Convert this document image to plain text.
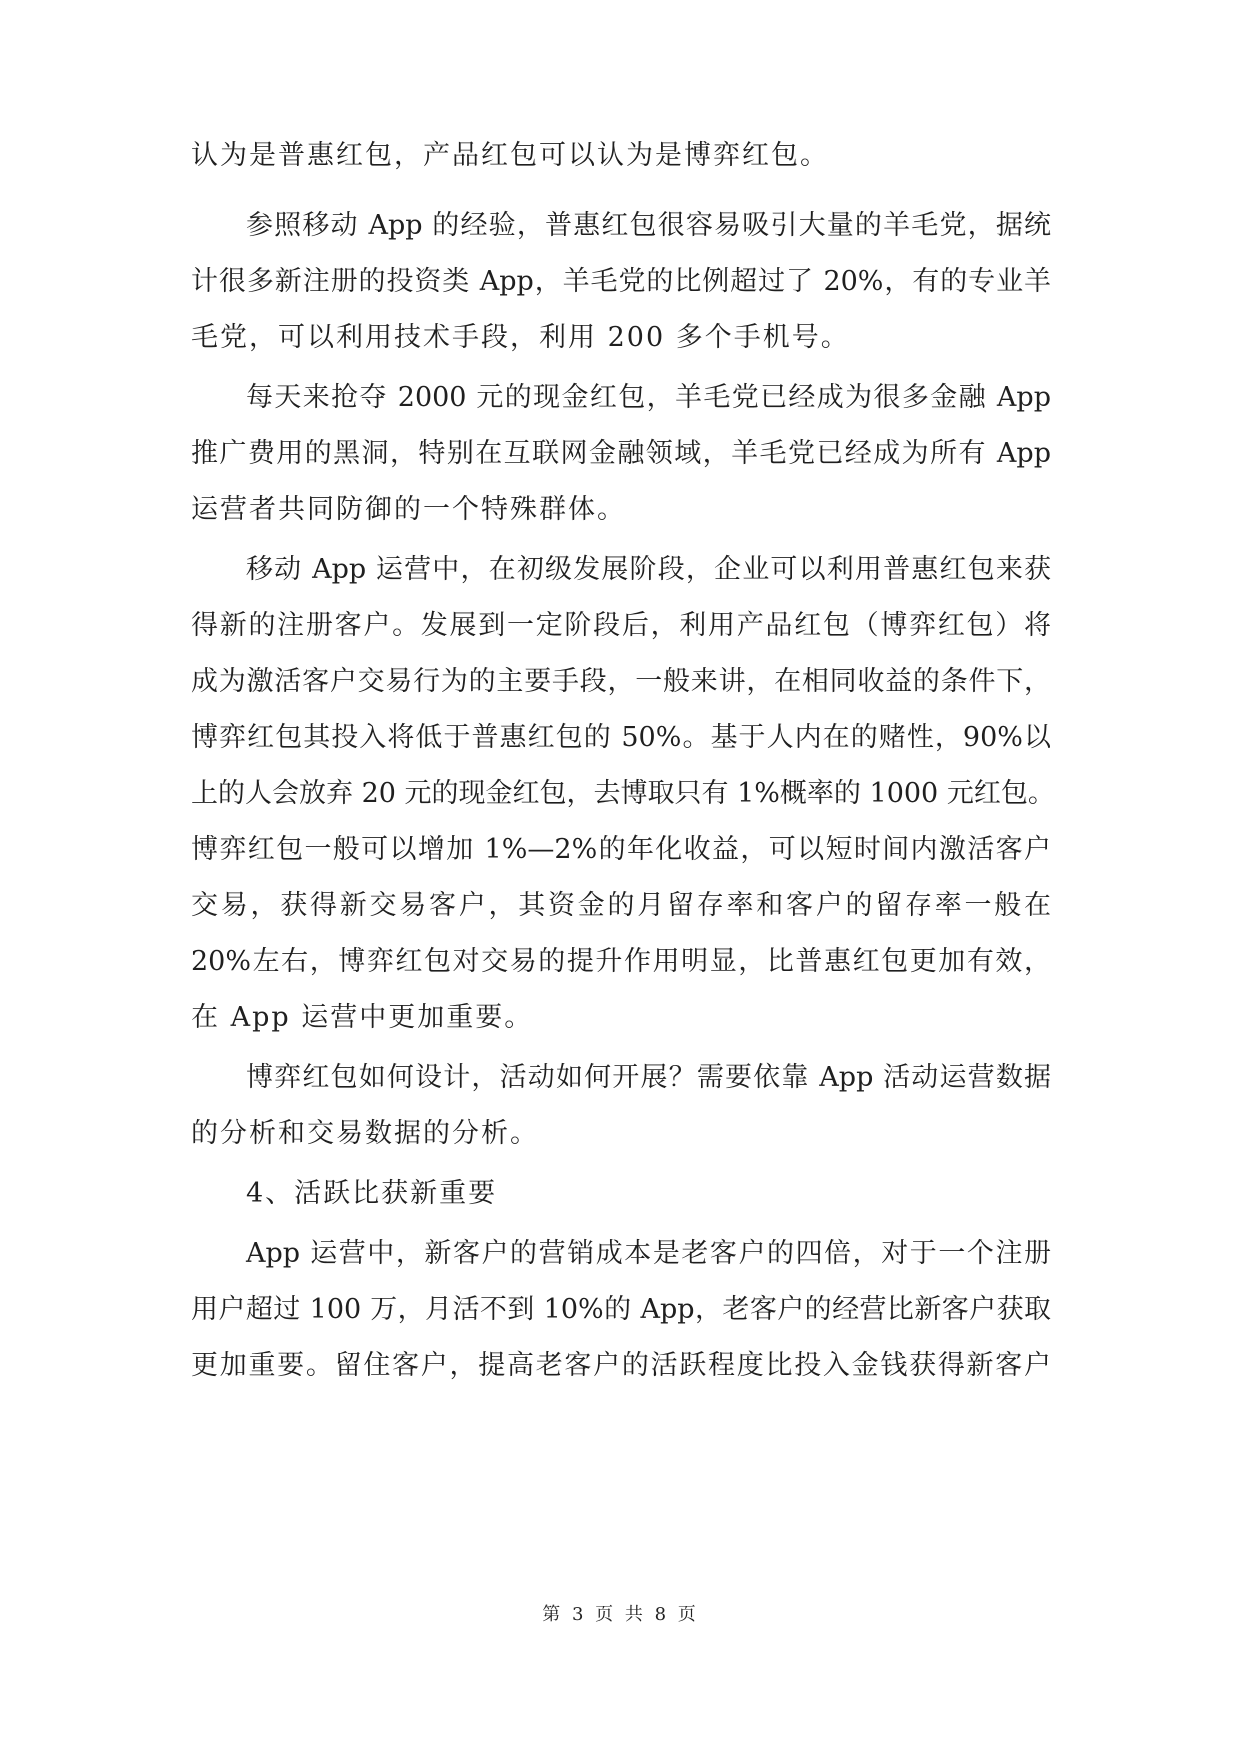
认为是普惠红包，产品红包可以认为是博弈红包。
参照移动 App 的经验，普惠红包很容易吸引大量的羊毛党，据统
计很多新注册的投资类 App，羊毛党的比例超过了 20%，有的专业羊
毛党，可以利用技术手段，利用 200 多个手机号。
每天来抢夺 2000 元的现金红包，羊毛党已经成为很多金融 App
推广费用的黑洞，特别在互联网金融领域，羊毛党已经成为所有 App
运营者共同防御的一个特殊群体。
移动 App 运营中，在初级发展阶段，企业可以利用普惠红包来获
得新的注册客户。发展到一定阶段后，利用产品红包（博弈红包）将
成为激活客户交易行为的主要手段，一般来讲，在相同收益的条件下，
博弈红包其投入将低于普惠红包的 50%。基于人内在的赌性，90%以
上的人会放弃 20 元的现金红包，去博取只有 1%概率的 1000 元红包。
博弈红包一般可以增加 1%—2%的年化收益，可以短时间内激活客户
交易，获得新交易客户，其资金的月留存率和客户的留存率一般在
20%左右，博弈红包对交易的提升作用明显，比普惠红包更加有效，
在 App 运营中更加重要。
博弈红包如何设计，活动如何开展？需要依靠 App 活动运营数据
的分析和交易数据的分析。
4、活跃比获新重要
App 运营中，新客户的营销成本是老客户的四倍，对于一个注册
用户超过 100 万，月活不到 10%的 App，老客户的经营比新客户获取
更加重要。留住客户，提高老客户的活跃程度比投入金钱获得新客户
第 3 页 共 8 页
